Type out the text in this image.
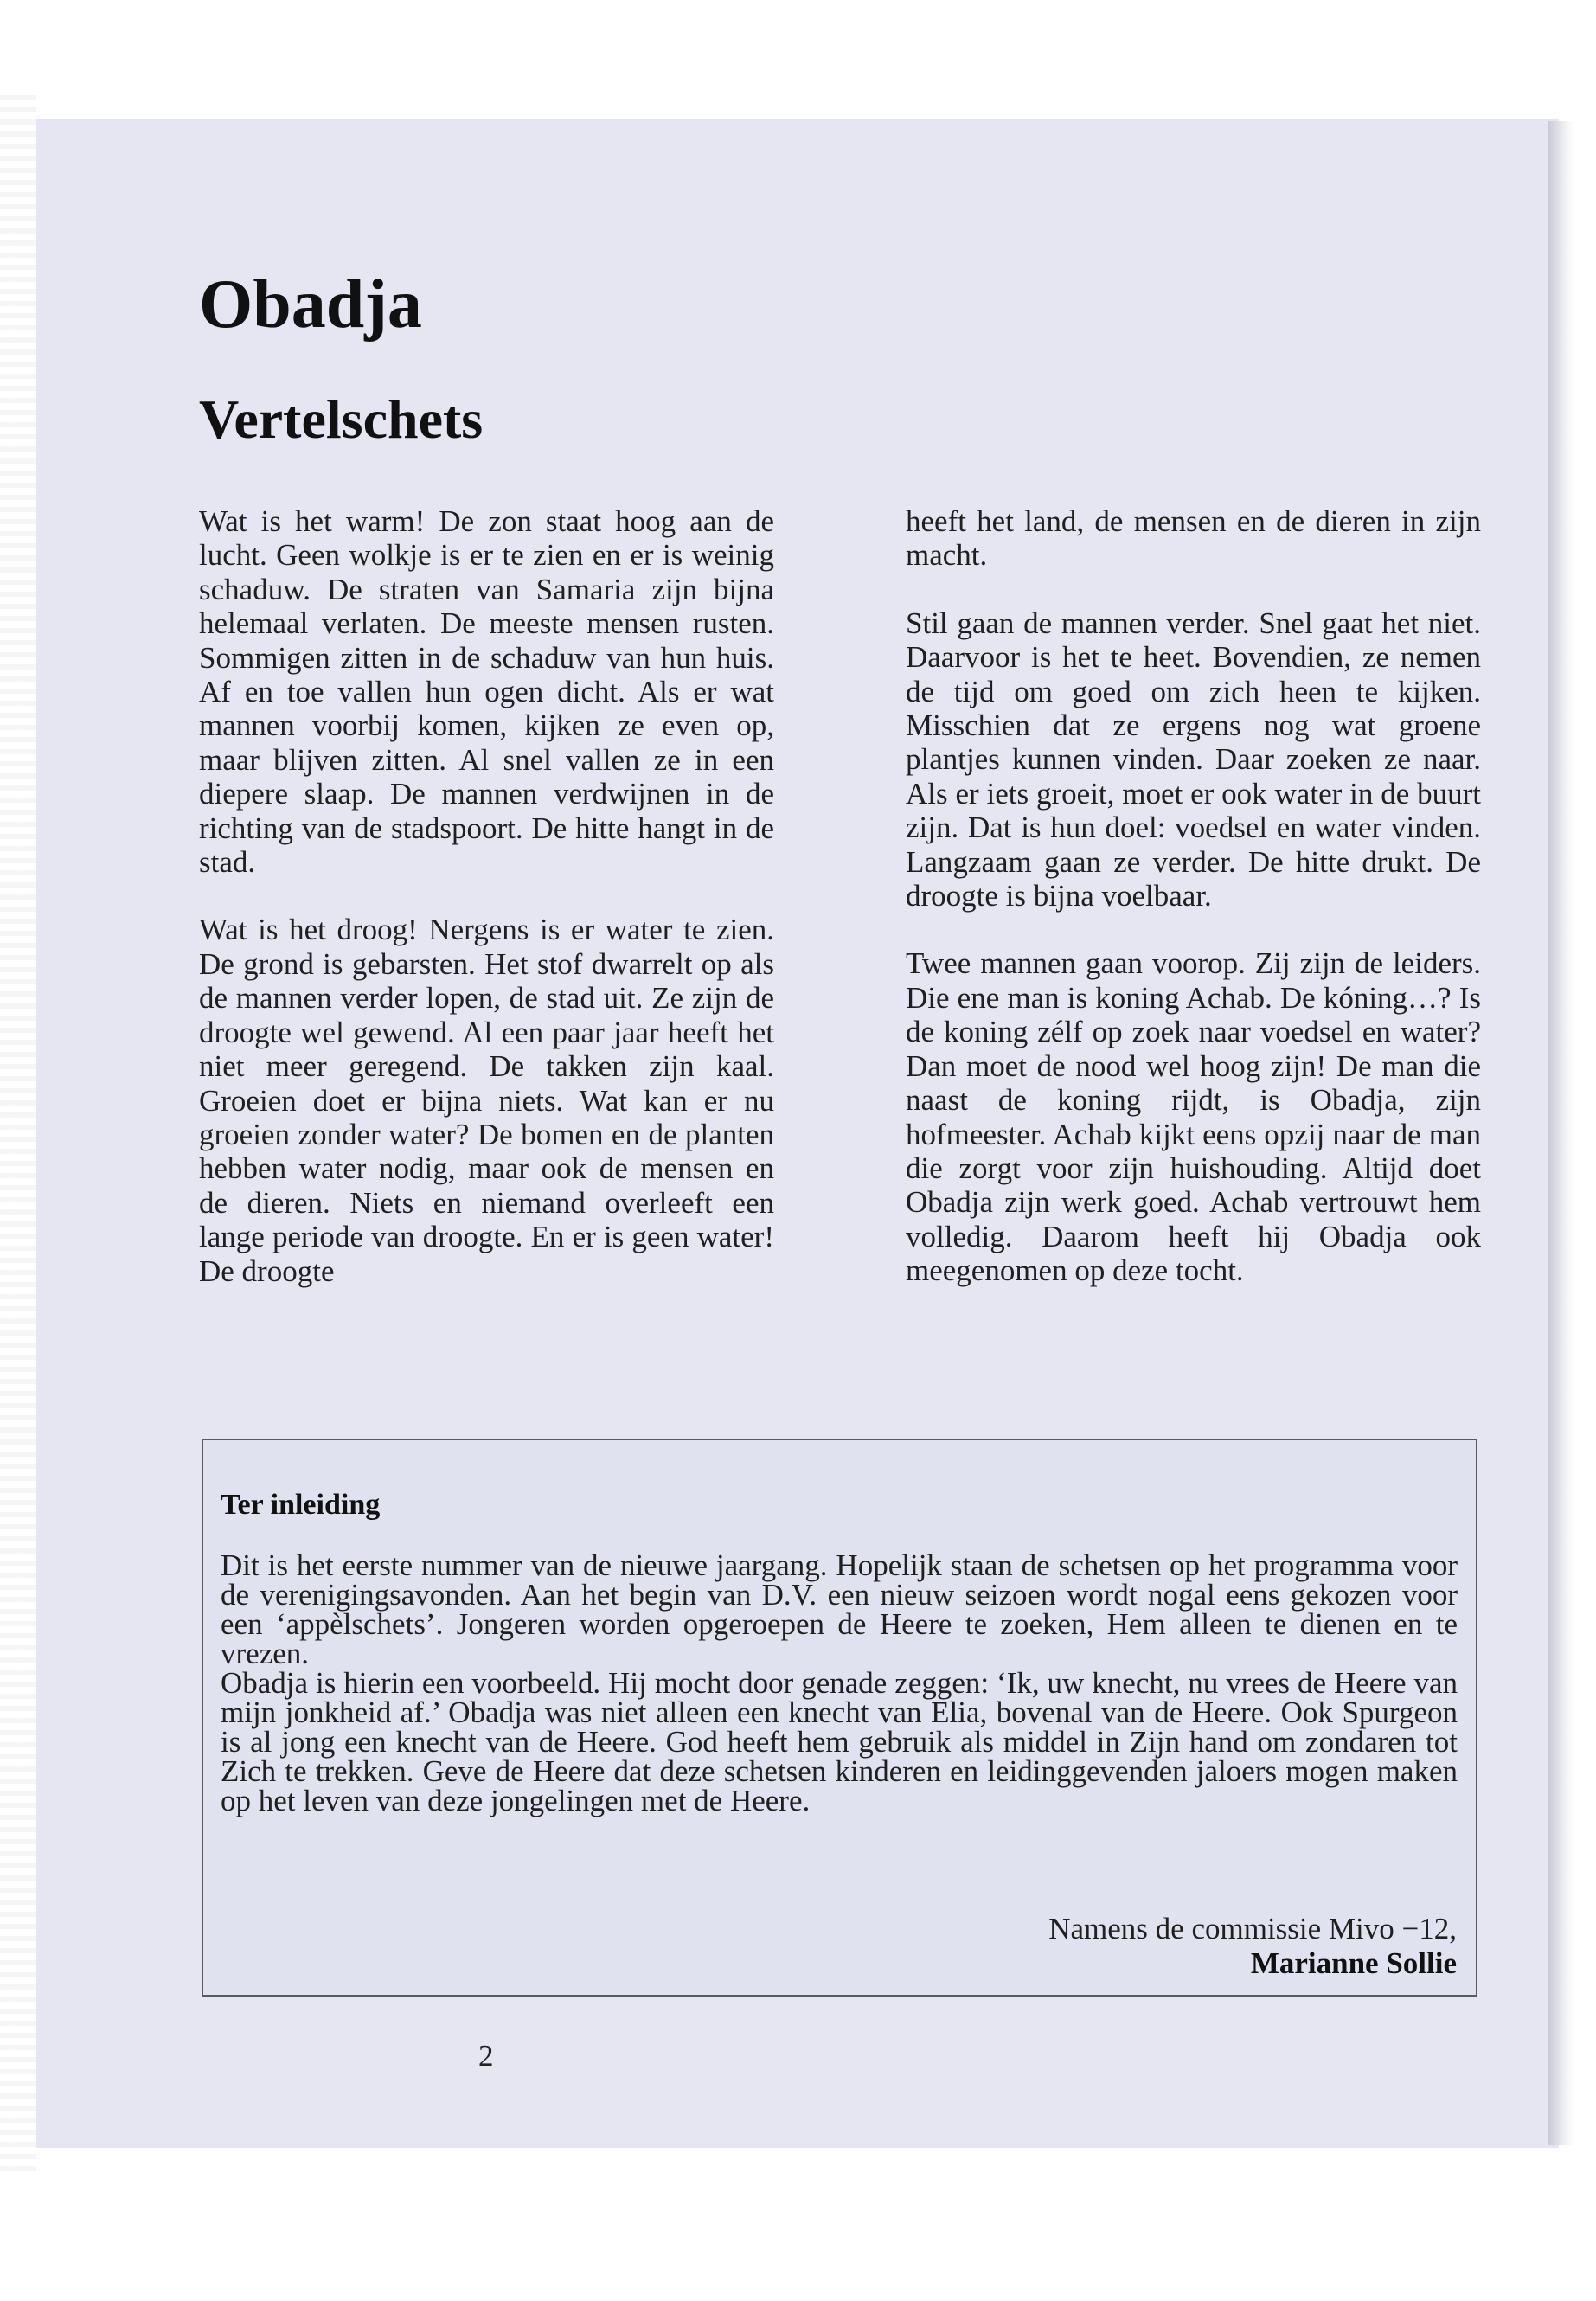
Obadja
Vertelschets

Wat is het warm! De zon staat hoog aan de lucht. Geen wolkje is er te zien en er is weinig schaduw. De straten van Samaria zijn bijna helemaal verlaten. De meeste mensen rusten. Sommigen zitten in de schaduw van hun huis. Af en toe vallen hun ogen dicht. Als er wat mannen voorbij komen, kijken ze even op, maar blijven zitten. Al snel vallen ze in een diepere slaap. De mannen verdwijnen in de richting van de stadspoort. De hitte hangt in de stad.

Wat is het droog! Nergens is er water te zien. De grond is gebarsten. Het stof dwarrelt op als de mannen verder lopen, de stad uit. Ze zijn de droogte wel gewend. Al een paar jaar heeft het niet meer geregend. De takken zijn kaal. Groeien doet er bijna niets. Wat kan er nu groeien zonder water? De bomen en de planten hebben water nodig, maar ook de mensen en de dieren. Niets en niemand overleeft een lange periode van droogte. En er is geen water! De droogte

heeft het land, de mensen en de dieren in zijn macht.

Stil gaan de mannen verder. Snel gaat het niet. Daarvoor is het te heet. Bovendien, ze nemen de tijd om goed om zich heen te kijken. Misschien dat ze ergens nog wat groene plantjes kunnen vinden. Daar zoeken ze naar. Als er iets groeit, moet er ook water in de buurt zijn. Dat is hun doel: voedsel en water vinden. Langzaam gaan ze verder. De hitte drukt. De droogte is bijna voelbaar.

Twee mannen gaan voorop. Zij zijn de leiders. Die ene man is koning Achab. De kóning…? Is de koning zélf op zoek naar voedsel en water? Dan moet de nood wel hoog zijn! De man die naast de koning rijdt, is Obadja, zijn hofmeester. Achab kijkt eens opzij naar de man die zorgt voor zijn huishouding. Altijd doet Obadja zijn werk goed. Achab vertrouwt hem volledig. Daarom heeft hij Obadja ook meegenomen op deze tocht.

Ter inleiding

Dit is het eerste nummer van de nieuwe jaargang. Hopelijk staan de schetsen op het programma voor de verenigingsavonden. Aan het begin van D.V. een nieuw seizoen wordt nogal eens gekozen voor een ‘appèlschets’. Jongeren worden opgeroepen de Heere te zoeken, Hem alleen te dienen en te vrezen.

Obadja is hierin een voorbeeld. Hij mocht door genade zeggen: ‘Ik, uw knecht, nu vrees de Heere van mijn jonkheid af.’ Obadja was niet alleen een knecht van Elia, bovenal van de Heere. Ook Spurgeon is al jong een knecht van de Heere. God heeft hem gebruik als middel in Zijn hand om zondaren tot Zich te trekken. Geve de Heere dat deze schetsen kinderen en leidinggevenden jaloers mogen maken op het leven van deze jongelingen met de Heere.

Namens de commissie Mivo −12,
Marianne Sollie
2
